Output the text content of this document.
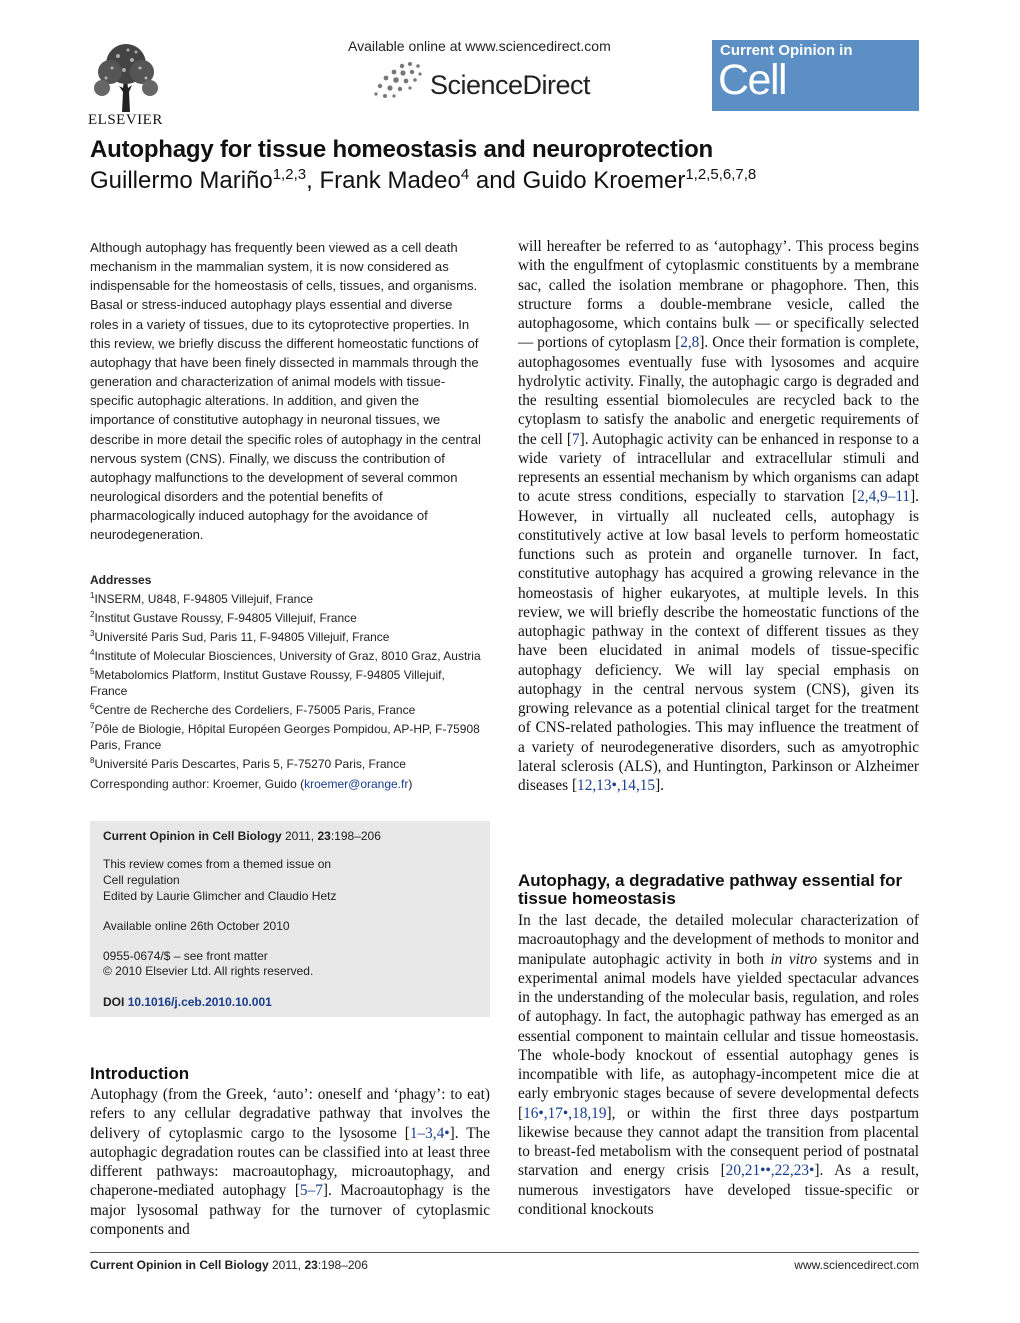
ELSEVIER
Available online at www.sciencedirect.com
ScienceDirect
Current Opinion in
Cell Biology
Autophagy for tissue homeostasis and neuroprotection
Guillermo Mariño$^{1,2,3}$, Frank Madeo$^4$ and Guido Kroemer$^{1,2,5,6,7,8}$

Although autophagy has frequently been viewed as a cell death mechanism in the mammalian system, it is now considered as indispensable for the homeostasis of cells, tissues, and organisms. Basal or stress-induced autophagy plays essential and diverse roles in a variety of tissues, due to its cytoprotective properties. In this review, we briefly discuss the different homeostatic functions of autophagy that have been finely dissected in mammals through the generation and characterization of animal models with tissue-specific autophagic alterations. In addition, and given the importance of constitutive autophagy in neuronal tissues, we describe in more detail the specific roles of autophagy in the central nervous system (CNS). Finally, we discuss the contribution of autophagy malfunctions to the development of several common neurological disorders and the potential benefits of pharmacologically induced autophagy for the avoidance of neurodegeneration.

Addresses
$^1$INSERM, U848, F-94805 Villejuif, France
$^2$Institut Gustave Roussy, F-94805 Villejuif, France
$^3$Université Paris Sud, Paris 11, F-94805 Villejuif, France
$^4$Institute of Molecular Biosciences, University of Graz, 8010 Graz, Austria
$^5$Metabolomics Platform, Institut Gustave Roussy, F-94805 Villejuif, France
$^6$Centre de Recherche des Cordeliers, F-75005 Paris, France
$^7$Pôle de Biologie, Hôpital Européen Georges Pompidou, AP-HP, F-75908 Paris, France
$^8$Université Paris Descartes, Paris 5, F-75270 Paris, France
Corresponding author: Kroemer, Guido (kroemer@orange.fr)
Current Opinion in Cell Biology 2011, 23:198–206
This review comes from a themed issue on
Cell regulation
Edited by Laurie Glimcher and Claudio Hetz
Available online 26th October 2010
0955-0674/$ – see front matter
© 2010 Elsevier Ltd. All rights reserved.
DOI 10.1016/j.ceb.2010.10.001
Introduction

Autophagy (from the Greek, ‘auto’: oneself and ‘phagy’: to eat) refers to any cellular degradative pathway that involves the delivery of cytoplasmic cargo to the lysosome [1–3,4•]. The autophagic degradation routes can be classified into at least three different pathways: macroautophagy, microautophagy, and chaperone-mediated autophagy [5–7]. Macroautophagy is the major lysosomal pathway for the turnover of cytoplasmic components and

will hereafter be referred to as ‘autophagy’. This process begins with the engulfment of cytoplasmic constituents by a membrane sac, called the isolation membrane or phagophore. Then, this structure forms a double-membrane vesicle, called the autophagosome, which contains bulk — or specifically selected — portions of cytoplasm [2,8]. Once their formation is complete, autophagosomes eventually fuse with lysosomes and acquire hydrolytic activity. Finally, the autophagic cargo is degraded and the resulting essential biomolecules are recycled back to the cytoplasm to satisfy the anabolic and energetic requirements of the cell [7]. Autophagic activity can be enhanced in response to a wide variety of intracellular and extracellular stimuli and represents an essential mechanism by which organisms can adapt to acute stress conditions, especially to starvation [2,4,9–11]. However, in virtually all nucleated cells, autophagy is constitutively active at low basal levels to perform homeostatic functions such as protein and organelle turnover. In fact, constitutive autophagy has acquired a growing relevance in the homeostasis of higher eukaryotes, at multiple levels. In this review, we will briefly describe the homeostatic functions of the autophagic pathway in the context of different tissues as they have been elucidated in animal models of tissue-specific autophagy deficiency. We will lay special emphasis on autophagy in the central nervous system (CNS), given its growing relevance as a potential clinical target for the treatment of CNS-related pathologies. This may influence the treatment of a variety of neurodegenerative disorders, such as amyotrophic lateral sclerosis (ALS), and Huntington, Parkinson or Alzheimer diseases [12,13•,14,15].

Autophagy, a degradative pathway essential for tissue homeostasis

In the last decade, the detailed molecular characterization of macroautophagy and the development of methods to monitor and manipulate autophagic activity in both in vitro systems and in experimental animal models have yielded spectacular advances in the understanding of the molecular basis, regulation, and roles of autophagy. In fact, the autophagic pathway has emerged as an essential component to maintain cellular and tissue homeostasis. The whole-body knockout of essential autophagy genes is incompatible with life, as autophagy-incompetent mice die at early embryonic stages because of severe developmental defects [16•,17•,18,19], or within the first three days postpartum likewise because they cannot adapt the transition from placental to breast-fed metabolism with the consequent period of postnatal starvation and energy crisis [20,21••,22,23•]. As a result, numerous investigators have developed tissue-specific or conditional knockouts

Current Opinion in Cell Biology 2011, 23:198–206	www.sciencedirect.com
